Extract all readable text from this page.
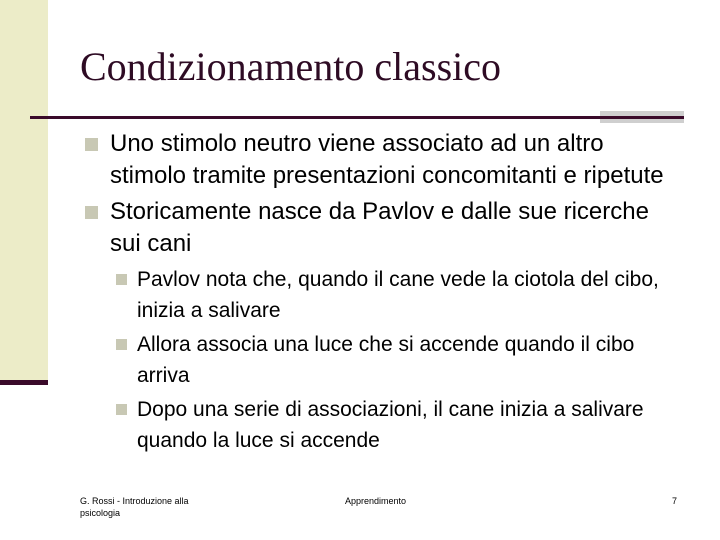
Condizionamento classico
Uno stimolo neutro viene associato ad un altro stimolo tramite presentazioni concomitanti e ripetute
Storicamente nasce da Pavlov e dalle sue ricerche sui cani
Pavlov nota che, quando il cane vede la ciotola del cibo, inizia a salivare
Allora associa una luce che si accende quando il cibo arriva
Dopo una serie di associazioni, il cane inizia a salivare quando la luce si accende
G. Rossi - Introduzione alla psicologia
Apprendimento	7
